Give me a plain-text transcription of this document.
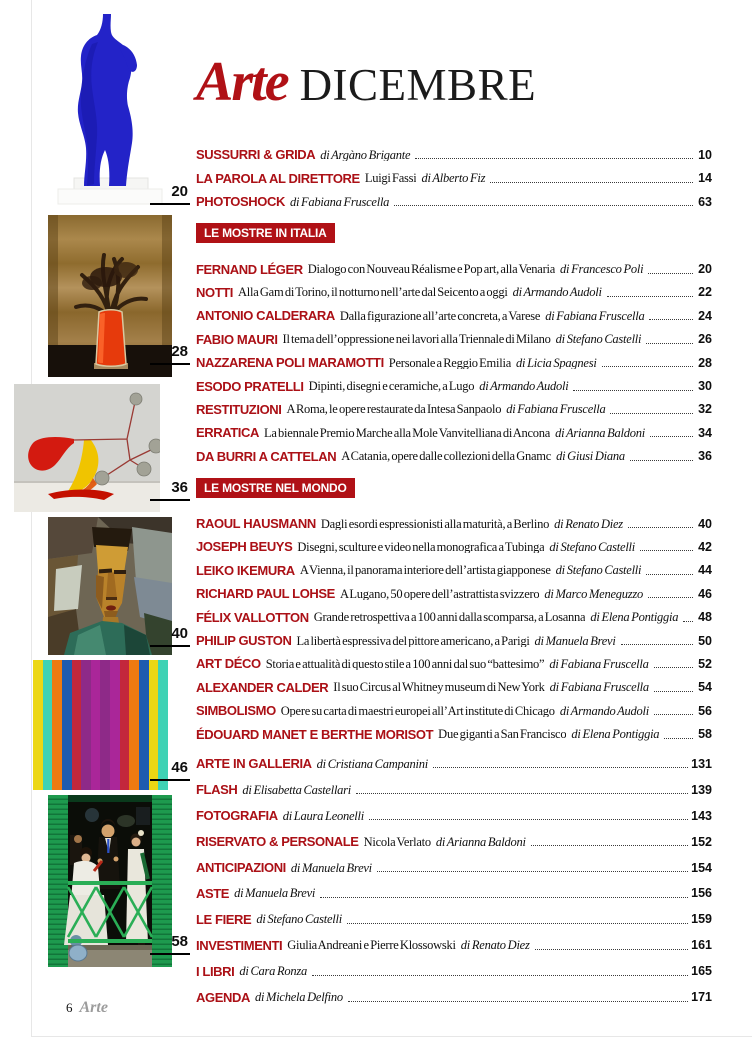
20
28
36
40
46
58
Arte DICEMBRE
SUSSURRI & GRIDA di Argàno Brigante	10
LA PAROLA AL DIRETTORE Luigi Fassi di Alberto Fiz	14
PHOTOSHOCK di Fabiana Fruscella	63
LE MOSTRE IN ITALIA
FERNAND LÉGER Dialogo con Nouveau Réalisme e Pop art, alla Venaria di Francesco Poli	20
NOTTI Alla Gam di Torino, il notturno nell’arte dal Seicento a oggi di Armando Audoli	22
ANTONIO CALDERARA Dalla figurazione all’arte concreta, a Varese di Fabiana Fruscella	24
FABIO MAURI Il tema dell’oppressione nei lavori alla Triennale di Milano di Stefano Castelli	26
NAZZARENA POLI MARAMOTTI Personale a Reggio Emilia di Licia Spagnesi	28
ESODO PRATELLI Dipinti, disegni e ceramiche, a Lugo di Armando Audoli	30
RESTITUZIONI A Roma, le opere restaurate da Intesa Sanpaolo di Fabiana Fruscella	32
ERRATICA La biennale Premio Marche alla Mole Vanvitelliana di Ancona di Arianna Baldoni	34
DA BURRI A CATTELAN A Catania, opere dalle collezioni della Gnamc di Giusi Diana	36
LE MOSTRE NEL MONDO
RAOUL HAUSMANN Dagli esordi espressionisti alla maturità, a Berlino di Renato Diez	40
JOSEPH BEUYS Disegni, sculture e video nella monografica a Tubinga di Stefano Castelli	42
LEIKO IKEMURA A Vienna, il panorama interiore dell’artista giapponese di Stefano Castelli	44
RICHARD PAUL LOHSE A Lugano, 50 opere dell’astrattista svizzero di Marco Meneguzzo	46
FÉLIX VALLOTTON Grande retrospettiva a 100 anni dalla scomparsa, a Losanna di Elena Pontiggia 48
PHILIP GUSTON La libertà espressiva del pittore americano, a Parigi di Manuela Brevi	50
ART DÉCO Storia e attualità di questo stile a 100 anni dal suo “battesimo” di Fabiana Fruscella	52
ALEXANDER CALDER Il suo Circus al Whitney museum di New York di Fabiana Fruscella	54
SIMBOLISMO Opere su carta di maestri europei all’Art institute di Chicago di Armando Audoli	56
ÉDOUARD MANET E BERTHE MORISOT Due giganti a San Francisco di Elena Pontiggia	58
ARTE IN GALLERIA di Cristiana Campanini	131
FLASH di Elisabetta Castellari	139
FOTOGRAFIA di Laura Leonelli	143
RISERVATO & PERSONALE Nicola Verlato di Arianna Baldoni	152
ANTICIPAZIONI di Manuela Brevi	154
ASTE di Manuela Brevi	156
LE FIERE di Stefano Castelli	159
INVESTIMENTI Giulia Andreani e Pierre Klossowski di Renato Diez	161
I LIBRI di Cara Ronza	165
AGENDA di Michela Delfino	171
6 Arte
